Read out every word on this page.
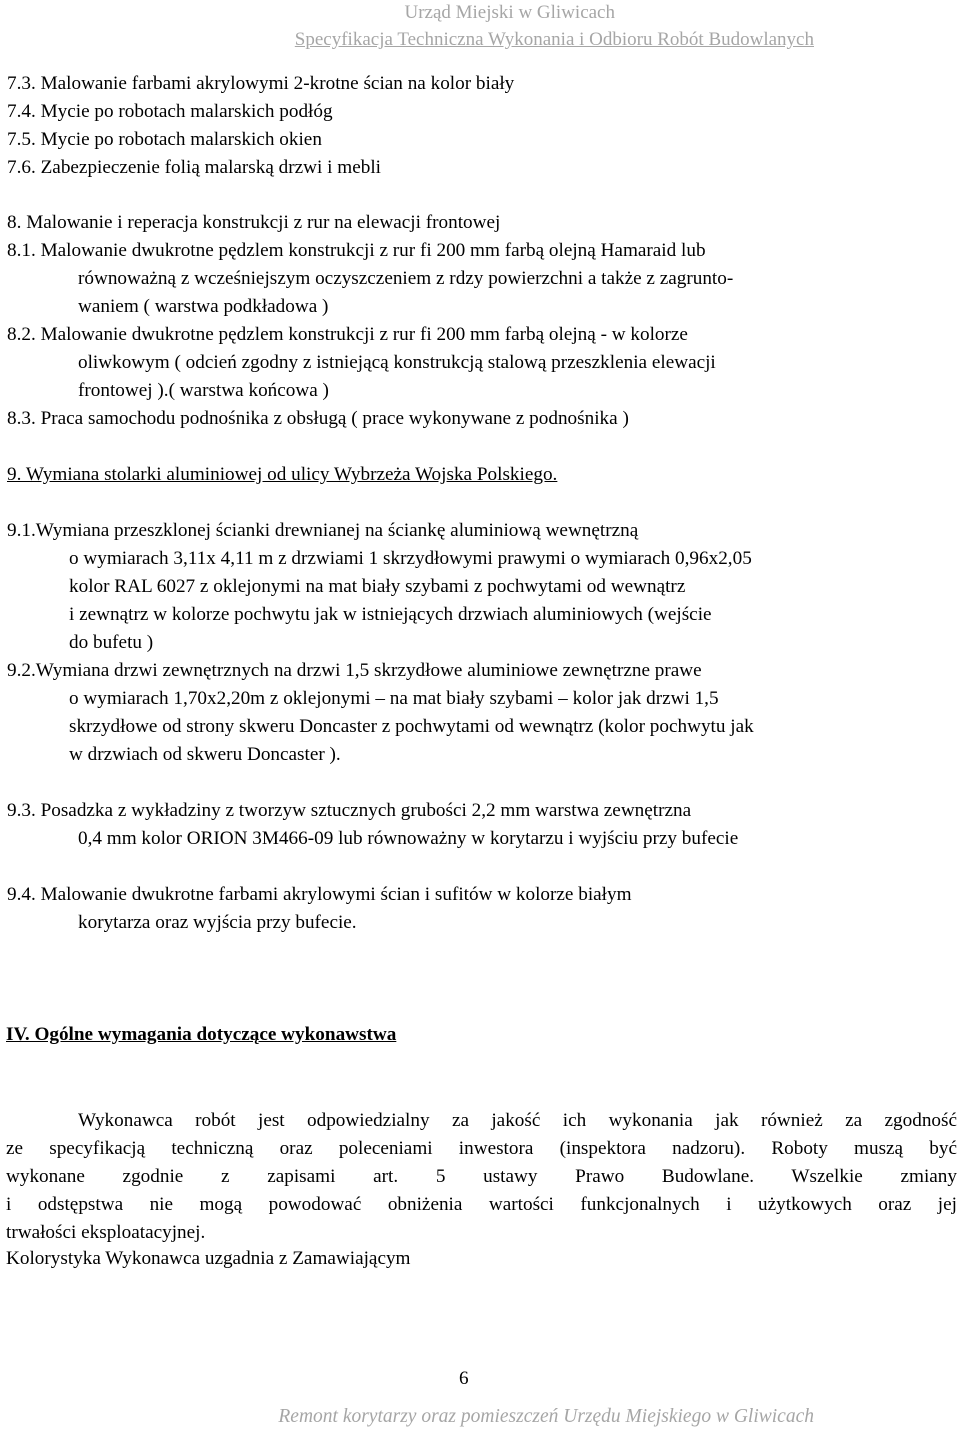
Urząd Miejski w Gliwicach
Specyfikacja Techniczna Wykonania i Odbioru Robót Budowlanych
7.3. Malowanie farbami akrylowymi 2-krotne ścian na kolor biały
7.4. Mycie po robotach malarskich podłóg
7.5. Mycie po robotach malarskich okien
7.6. Zabezpieczenie folią malarską drzwi i mebli
8. Malowanie i reperacja konstrukcji z rur na elewacji frontowej
8.1. Malowanie dwukrotne pędzlem konstrukcji z rur fi 200 mm farbą olejną Hamaraid lub
równoważną z wcześniejszym oczyszczeniem z rdzy powierzchni a także z zagrunto-
waniem ( warstwa podkładowa )
8.2. Malowanie dwukrotne pędzlem konstrukcji z rur fi 200 mm farbą olejną - w kolorze
oliwkowym ( odcień zgodny z istniejącą konstrukcją stalową przeszklenia elewacji
frontowej ).( warstwa końcowa )
8.3. Praca samochodu podnośnika z obsługą ( prace wykonywane z podnośnika )
9. Wymiana stolarki aluminiowej od ulicy Wybrzeża Wojska Polskiego.
9.1.Wymiana przeszklonej ścianki drewnianej na ściankę aluminiową wewnętrzną
o wymiarach 3,11x 4,11 m z drzwiami 1 skrzydłowymi prawymi o wymiarach 0,96x2,05
kolor RAL 6027 z oklejonymi na mat biały szybami z pochwytami od wewnątrz
i zewnątrz w kolorze pochwytu jak w istniejących drzwiach aluminiowych (wejście
do bufetu )
9.2.Wymiana drzwi zewnętrznych na drzwi 1,5 skrzydłowe aluminiowe zewnętrzne prawe
o wymiarach 1,70x2,20m z oklejonymi – na mat biały szybami – kolor jak drzwi 1,5
skrzydłowe od strony skweru Doncaster z pochwytami od wewnątrz (kolor pochwytu jak
w drzwiach od skweru Doncaster ).
9.3. Posadzka z wykładziny z tworzyw sztucznych grubości 2,2 mm warstwa zewnętrzna
0,4 mm kolor ORION 3M466-09 lub równoważny w korytarzu i wyjściu przy bufecie
9.4. Malowanie dwukrotne farbami akrylowymi ścian i sufitów w kolorze białym
korytarza oraz wyjścia przy bufecie.
IV. Ogólne wymagania dotyczące wykonawstwa
Wykonawca robót jest odpowiedzialny za jakość ich wykonania jak również za zgodność
ze specyfikacją techniczną oraz poleceniami inwestora (inspektora nadzoru). Roboty muszą być
wykonane zgodnie z zapisami art. 5 ustawy Prawo Budowlane. Wszelkie zmiany
i odstępstwa nie mogą powodować obniżenia wartości funkcjonalnych i użytkowych oraz jej
trwałości eksploatacyjnej.
Kolorystyka Wykonawca uzgadnia z Zamawiającym
6
Remont korytarzy oraz pomieszczeń Urzędu Miejskiego w Gliwicach
